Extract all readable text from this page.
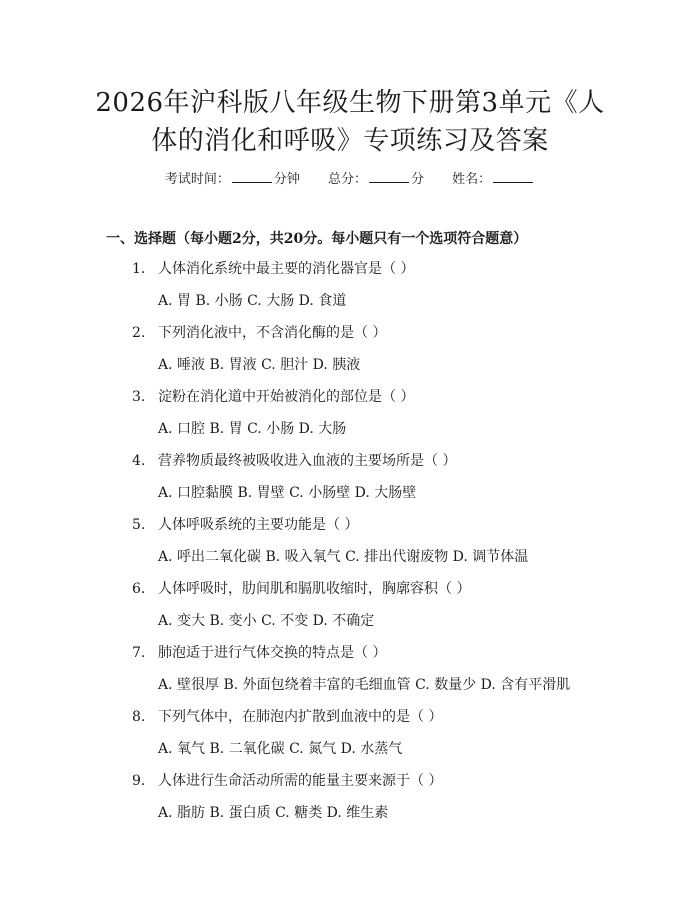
2026年沪科版八年级生物下册第3单元《人
体的消化和呼吸》专项练习及答案
考试时间：	分钟 总分：	分 姓名：
一、选择题（每小题2分，共20分。每小题只有一个选项符合题意）
1. 人体消化系统中最主要的消化器官是（ ）
A. 胃 B. 小肠 C. 大肠 D. 食道
2. 下列消化液中，不含消化酶的是（ ）
A. 唾液 B. 胃液 C. 胆汁 D. 胰液
3. 淀粉在消化道中开始被消化的部位是（ ）
A. 口腔 B. 胃 C. 小肠 D. 大肠
4. 营养物质最终被吸收进入血液的主要场所是（ ）
A. 口腔黏膜 B. 胃壁 C. 小肠壁 D. 大肠壁
5. 人体呼吸系统的主要功能是（ ）
A. 呼出二氧化碳 B. 吸入氧气 C. 排出代谢废物 D. 调节体温
6. 人体呼吸时，肋间肌和膈肌收缩时，胸廓容积（ ）
A. 变大 B. 变小 C. 不变 D. 不确定
7. 肺泡适于进行气体交换的特点是（ ）
A. 壁很厚 B. 外面包绕着丰富的毛细血管 C. 数量少 D. 含有平滑肌
8. 下列气体中，在肺泡内扩散到血液中的是（ ）
A. 氧气 B. 二氧化碳 C. 氮气 D. 水蒸气
9. 人体进行生命活动所需的能量主要来源于（ ）
A. 脂肪 B. 蛋白质 C. 糖类 D. 维生素
